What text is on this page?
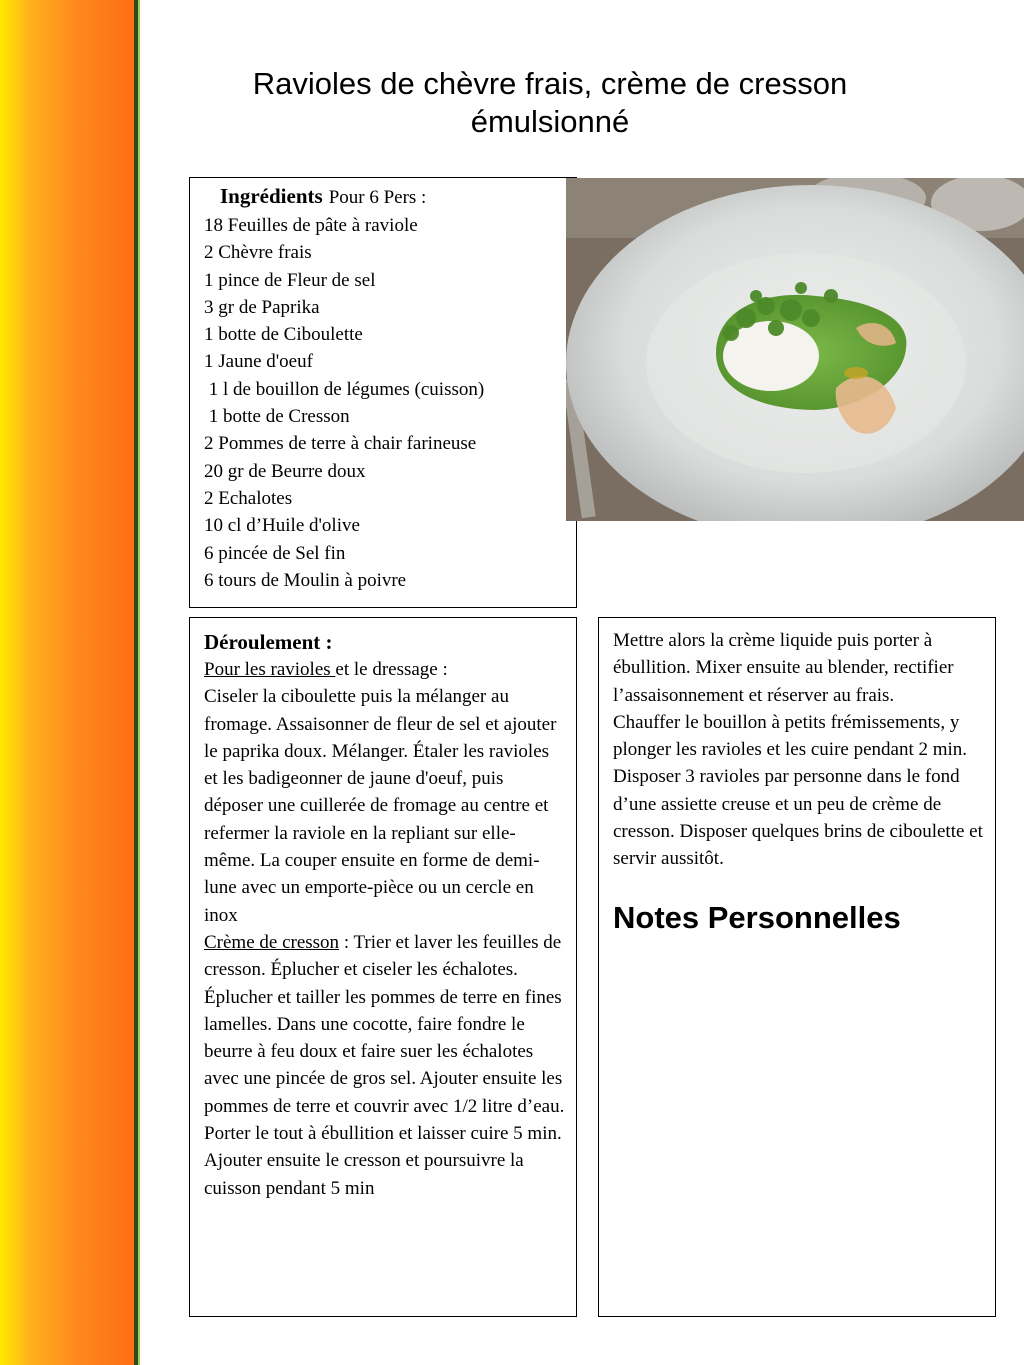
Ravioles de chèvre frais, crème de cresson
émulsionné
Ingrédients Pour 6 Pers :
18 Feuilles de pâte à raviole
2 Chèvre frais
1 pince de Fleur de sel
3 gr de Paprika
1 botte de Ciboulette
1 Jaune d'oeuf
1 l de bouillon de légumes (cuisson)
1 botte de Cresson
2 Pommes de terre à chair farineuse
20 gr de Beurre doux
2 Echalotes
10 cl d’Huile d'olive
6 pincée de Sel fin
6 tours de Moulin à poivre
Déroulement :

Pour les ravioles et le dressage :
Ciseler la ciboulette puis la mélanger au fromage. Assaisonner de fleur de sel et ajouter le paprika doux. Mélanger. Étaler les ravioles et les badigeonner de jaune d'oeuf, puis déposer une cuillerée de fromage au centre et refermer la raviole en la repliant sur elle-même. La couper ensuite en forme de demi-lune avec un emporte-pièce ou un cercle en inox

Crème de cresson : Trier et laver les feuilles de cresson. Éplucher et ciseler les échalotes. Éplucher et tailler les pommes de terre en fines lamelles. Dans une cocotte, faire fondre le beurre à feu doux et faire suer les échalotes avec une pincée de gros sel. Ajouter ensuite les pommes de terre et couvrir avec 1/2 litre d’eau. Porter le tout à ébullition et laisser cuire 5 min. Ajouter ensuite le cresson et poursuivre la cuisson pendant 5 min

Mettre alors la crème liquide puis porter à ébullition. Mixer ensuite au blender, rectifier l’assaisonnement et réserver au frais.

Chauffer le bouillon à petits frémissements, y plonger les ravioles et les cuire pendant 2 min.

Disposer 3 ravioles par personne dans le fond d’une assiette creuse et un peu de crème de cresson. Disposer quelques brins de ciboulette et servir aussitôt.

Notes Personnelles
